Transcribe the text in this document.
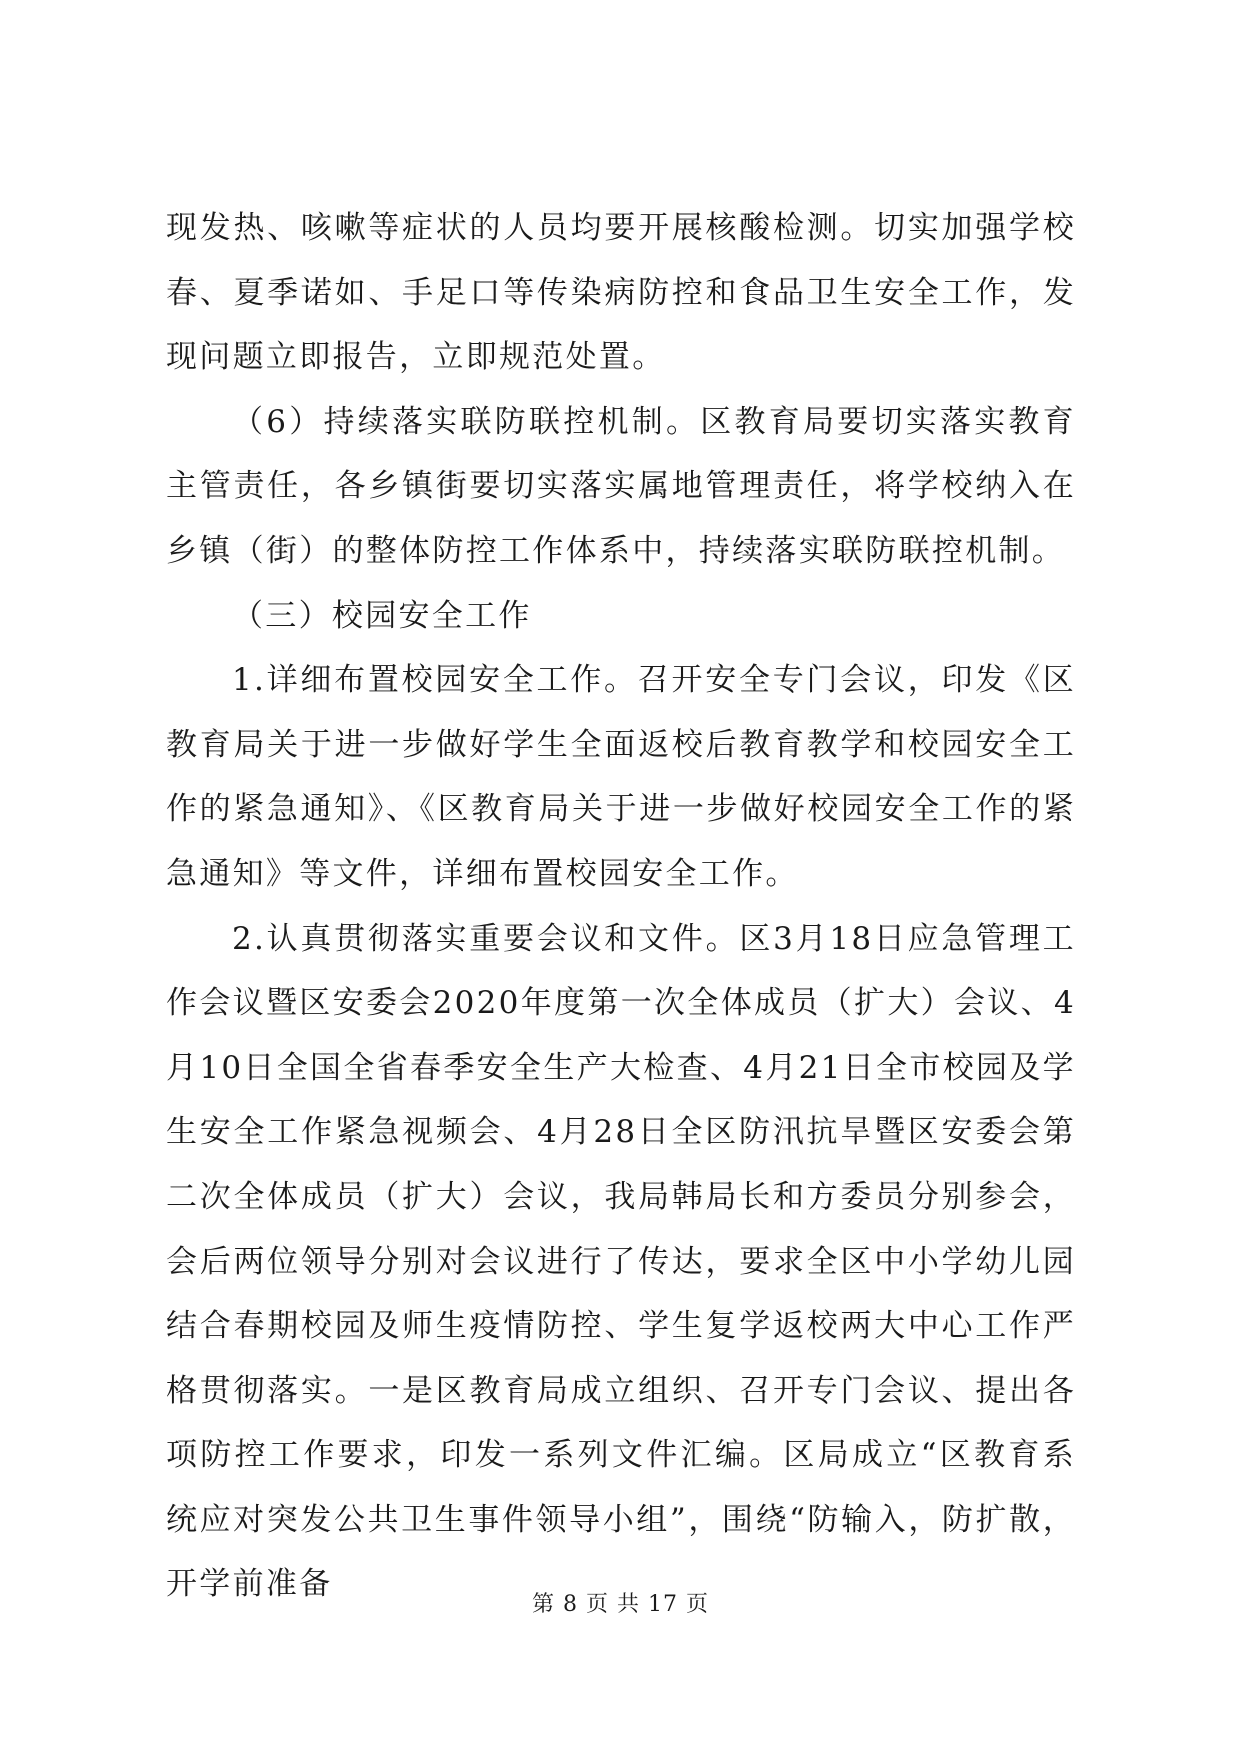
现发热、咳嗽等症状的人员均要开展核酸检测。切实加强学校春、夏季诺如、手足口等传染病防控和食品卫生安全工作，发现问题立即报告，立即规范处置。

（6）持续落实联防联控机制。区教育局要切实落实教育主管责任，各乡镇街要切实落实属地管理责任，将学校纳入在乡镇（街）的整体防控工作体系中，持续落实联防联控机制。

（三）校园安全工作

1.详细布置校园安全工作。召开安全专门会议，印发《区教育局关于进一步做好学生全面返校后教育教学和校园安全工作的紧急通知》、《区教育局关于进一步做好校园安全工作的紧急通知》等文件，详细布置校园安全工作。

2.认真贯彻落实重要会议和文件。区3月18日应急管理工作会议暨区安委会2020年度第一次全体成员（扩大）会议、4月10日全国全省春季安全生产大检查、4月21日全市校园及学生安全工作紧急视频会、4月28日全区防汛抗旱暨区安委会第二次全体成员（扩大）会议，我局韩局长和方委员分别参会，会后两位领导分别对会议进行了传达，要求全区中小学幼儿园结合春期校园及师生疫情防控、学生复学返校两大中心工作严格贯彻落实。一是区教育局成立组织、召开专门会议、提出各项防控工作要求，印发一系列文件汇编。区局成立“区教育系统应对突发公共卫生事件领导小组”，围绕“防输入，防扩散，开学前准备

第 8 页 共 17 页
